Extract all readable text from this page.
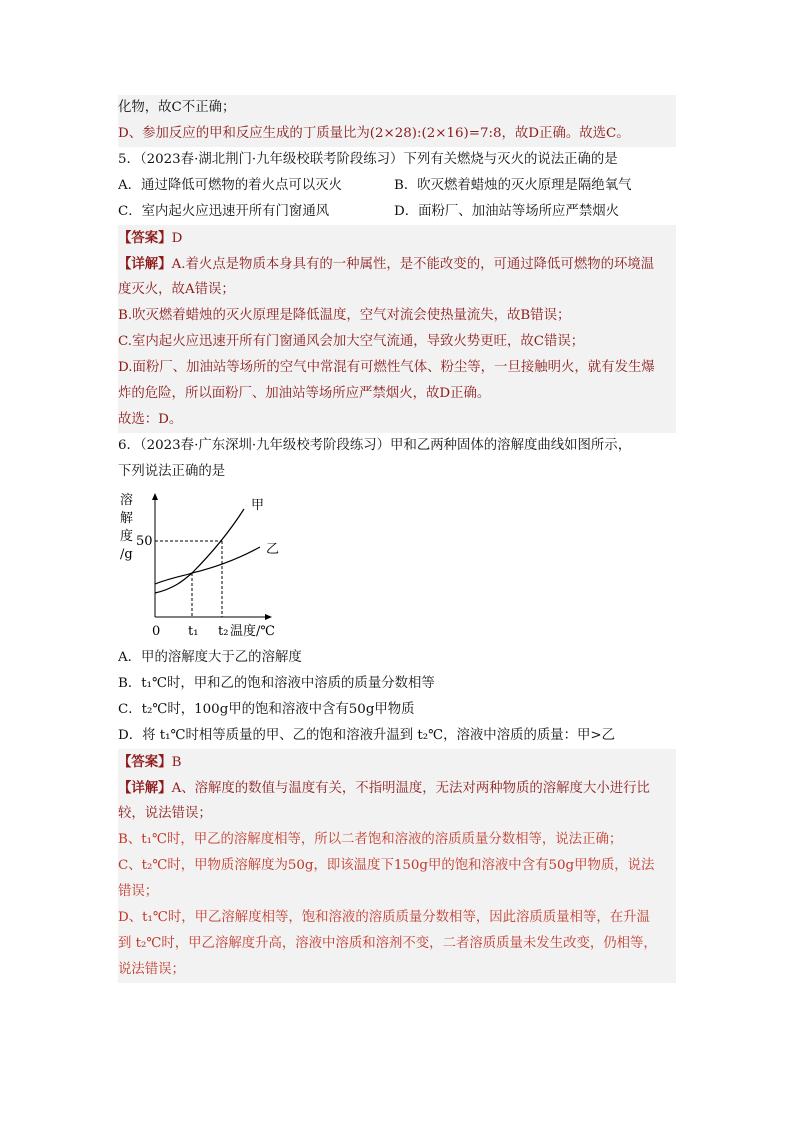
化物，故C不正确；
D、参加反应的甲和反应生成的丁质量比为(2×28):(2×16)=7:8，故D正确。故选C。
5．（2023春·湖北荆门·九年级校联考阶段练习）下列有关燃烧与灭火的说法正确的是
A．通过降低可燃物的着火点可以灭火	B．吹灭燃着蜡烛的灭火原理是隔绝氧气
C．室内起火应迅速开所有门窗通风	D．面粉厂、加油站等场所应严禁烟火
【答案】D
【详解】A.着火点是物质本身具有的一种属性，是不能改变的，可通过降低可燃物的环境温
度灭火，故A错误；
B.吹灭燃着蜡烛的灭火原理是降低温度，空气对流会使热量流失，故B错误；
C.室内起火应迅速开所有门窗通风会加大空气流通，导致火势更旺，故C错误；
D.面粉厂、加油站等场所的空气中常混有可燃性气体、粉尘等，一旦接触明火，就有发生爆
炸的危险，所以面粉厂、加油站等场所应严禁烟火，故D正确。
故选：D。
6．（2023春·广东深圳·九年级校考阶段练习）甲和乙两种固体的溶解度曲线如图所示，
下列说法正确的是
溶
解
度
/g
50
0 t₁ t₂ 温度/℃
甲
乙
A．甲的溶解度大于乙的溶解度
B．t₁℃时，甲和乙的饱和溶液中溶质的质量分数相等
C．t₂℃时，100g甲的饱和溶液中含有50g甲物质
D．将 t₁℃时相等质量的甲、乙的饱和溶液升温到 t₂℃，溶液中溶质的质量：甲>乙
【答案】B
【详解】A、溶解度的数值与温度有关，不指明温度，无法对两种物质的溶解度大小进行比
较，说法错误；
B、t₁℃时，甲乙的溶解度相等，所以二者饱和溶液的溶质质量分数相等，说法正确；
C、t₂℃时，甲物质溶解度为50g，即该温度下150g甲的饱和溶液中含有50g甲物质，说法
错误；
D、t₁℃时，甲乙溶解度相等，饱和溶液的溶质质量分数相等，因此溶质质量相等，在升温
到 t₂℃时，甲乙溶解度升高，溶液中溶质和溶剂不变，二者溶质质量未发生改变，仍相等，
说法错误；
